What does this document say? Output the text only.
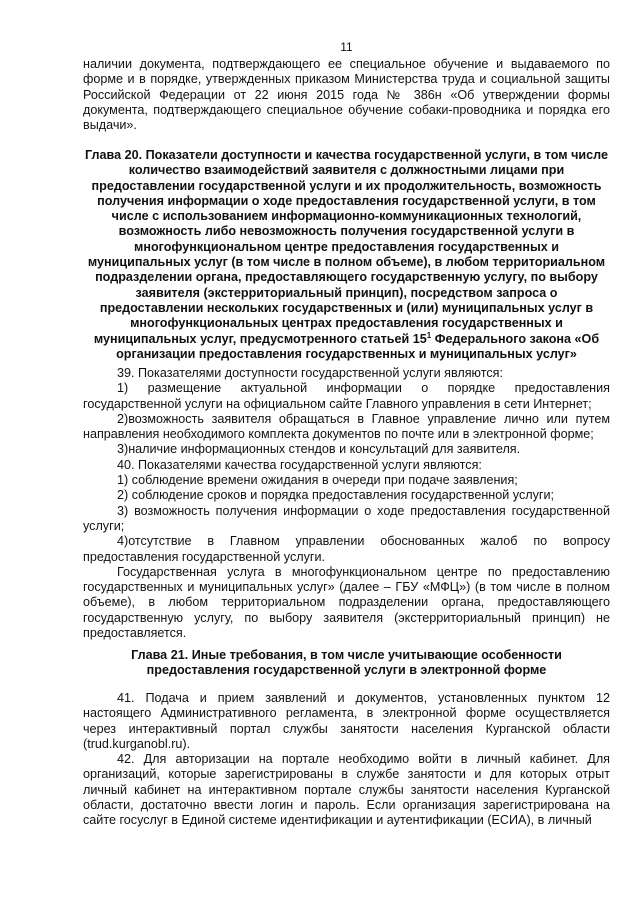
11

наличии документа, подтверждающего ее специальное обучение и выдаваемого по форме и в порядке, утвержденных приказом Министерства труда и социальной защиты Российской Федерации от 22 июня 2015 года № 386н «Об утверждении формы документа, подтверждающего специальное обучение собаки-проводника и порядка его выдачи».

Глава 20. Показатели доступности и качества государственной услуги, в том числе количество взаимодействий заявителя с должностными лицами при предоставлении государственной услуги и их продолжительность, возможность получения информации о ходе предоставления государственной услуги, в том числе с использованием информационно-коммуникационных технологий, возможность либо невозможность получения государственной услуги в многофункциональном центре предоставления государственных и муниципальных услуг (в том числе в полном объеме), в любом территориальном подразделении органа, предоставляющего государственную услугу, по выбору заявителя (экстерриториальный принцип), посредством запроса о предоставлении нескольких государственных и (или) муниципальных услуг в многофункциональных центрах предоставления государственных и муниципальных услуг, предусмотренного статьей $15^1$ Федерального закона «Об организации предоставления государственных и муниципальных услуг»

39. Показателями доступности государственной услуги являются:

1) размещение актуальной информации о порядке предоставления государственной услуги на официальном сайте Главного управления в сети Интернет;

2)возможность заявителя обращаться в Главное управление лично или путем направления необходимого комплекта документов по почте или в электронной форме;

3)наличие информационных стендов и консультаций для заявителя.

40. Показателями качества государственной услуги являются:

1) соблюдение времени ожидания в очереди при подаче заявления;

2) соблюдение сроков и порядка предоставления государственной услуги;

3) возможность получения информации о ходе предоставления государственной услуги;

4)отсутствие в Главном управлении обоснованных жалоб по вопросу предоставления государственной услуги.

Государственная услуга в многофункциональном центре по предоставлению государственных и муниципальных услуг» (далее – ГБУ «МФЦ») (в том числе в полном объеме), в любом территориальном подразделении органа, предоставляющего государственную услугу, по выбору заявителя (экстерриториальный принцип) не предоставляется.

Глава 21. Иные требования, в том числе учитывающие особенности предоставления государственной услуги в электронной форме

41. Подача и прием заявлений и документов, установленных пунктом 12 настоящего Административного регламента, в электронной форме осуществляется через интерактивный портал службы занятости населения Курганской области (trud.kurganobl.ru).

42. Для авторизации на портале необходимо войти в личный кабинет. Для организаций, которые зарегистрированы в службе занятости и для которых отрыт личный кабинет на интерактивном портале службы занятости населения Курганской области, достаточно ввести логин и пароль. Если организация зарегистрирована на сайте госуслуг в Единой системе идентификации и аутентификации (ЕСИА), в личный
